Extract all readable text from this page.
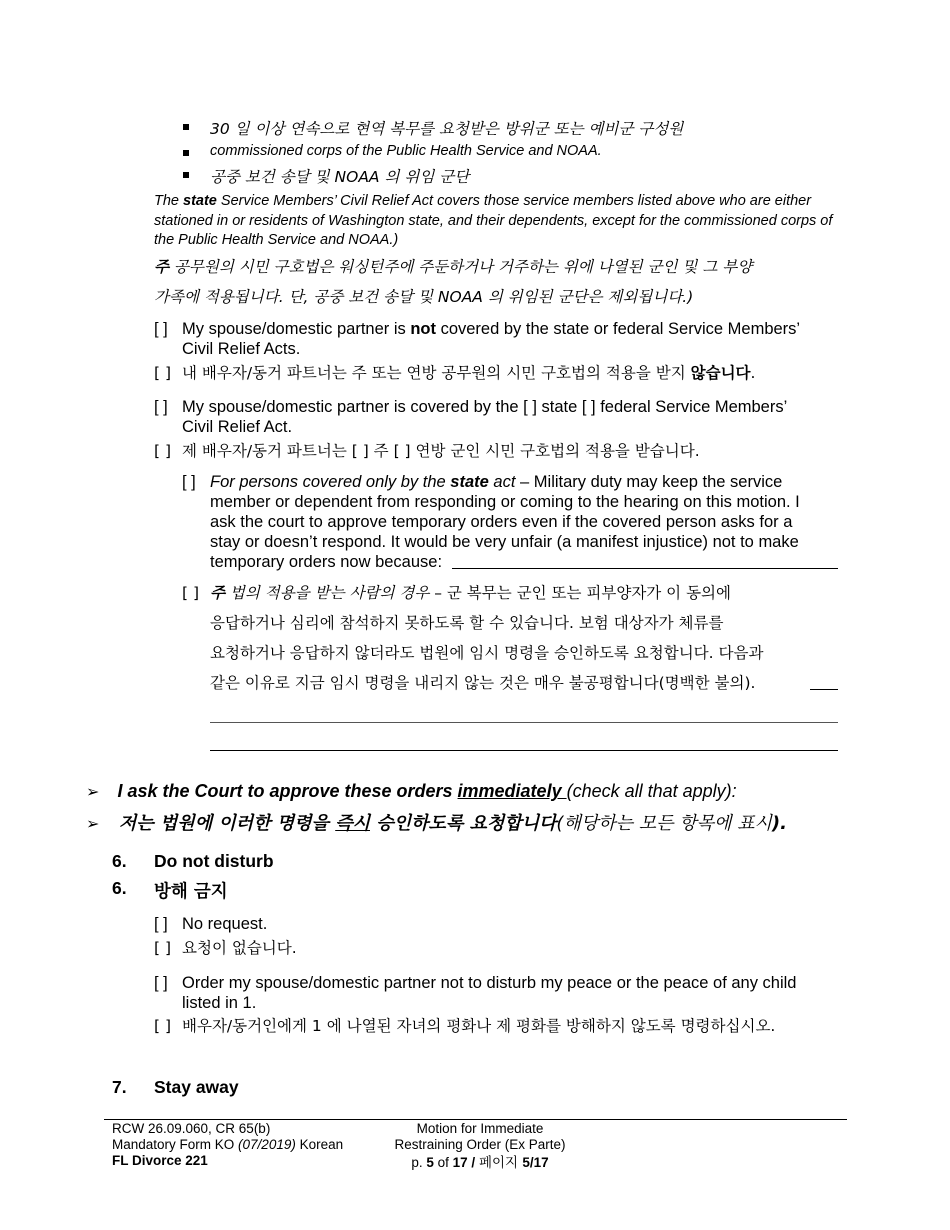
30 일 이상 연속으로 현역 복무를 요청받은 방위군 또는 예비군 구성원
commissioned corps of the Public Health Service and NOAA.
공중 보건 송달 및 NOAA 의 위임 군단
The state Service Members’ Civil Relief Act covers those service members listed above who are either stationed in or residents of Washington state, and their dependents, except for the commissioned corps of the Public Health Service and NOAA.)
주 공무원의 시민 구호법은 워싱턴주에 주둔하거나 거주하는 위에 나열된 군인 및 그 부양
가족에 적용됩니다. 단, 공중 보건 송달 및 NOAA 의 위임된 군단은 제외됩니다.)
[ ] My spouse/domestic partner is not covered by the state or federal Service Members’
Civil Relief Acts.
[ ] 내 배우자/동거 파트너는 주 또는 연방 공무원의 시민 구호법의 적용을 받지 않습니다.
[ ] My spouse/domestic partner is covered by the [ ] state [ ] federal Service Members’
Civil Relief Act.
[ ] 제 배우자/동거 파트너는 [ ] 주 [ ] 연방 군인 시민 구호법의 적용을 받습니다.
[ ] For persons covered only by the state act – Military duty may keep the service
member or dependent from responding or coming to the hearing on this motion. I
ask the court to approve temporary orders even if the covered person asks for a
stay or doesn’t respond. It would be very unfair (a manifest injustice) not to make
temporary orders now because:
[ ] 주 법의 적용을 받는 사람의 경우 – 군 복무는 군인 또는 피부양자가 이 동의에
응답하거나 심리에 참석하지 못하도록 할 수 있습니다. 보험 대상자가 체류를
요청하거나 응답하지 않더라도 법원에 임시 명령을 승인하도록 요청합니다. 다음과
같은 이유로 지금 임시 명령을 내리지 않는 것은 매우 불공평합니다(명백한 불의).
➢ I ask the Court to approve these orders immediately (check all that apply):
➢ 저는 법원에 이러한 명령을 즉시 승인하도록 요청합니다(해당하는 모든 항목에 표시).
6. Do not disturb
6. 방해 금지
[ ] No request.
[ ] 요청이 없습니다.
[ ] Order my spouse/domestic partner not to disturb my peace or the peace of any child
listed in 1.
[ ] 배우자/동거인에게 1 에 나열된 자녀의 평화나 제 평화를 방해하지 않도록 명령하십시오.
7. Stay away
RCW 26.09.060, CR 65(b)
Mandatory Form KO (07/2019) Korean
FL Divorce 221
Motion for Immediate
Restraining Order (Ex Parte)
p. 5 of 17 / 페이지 5/17
